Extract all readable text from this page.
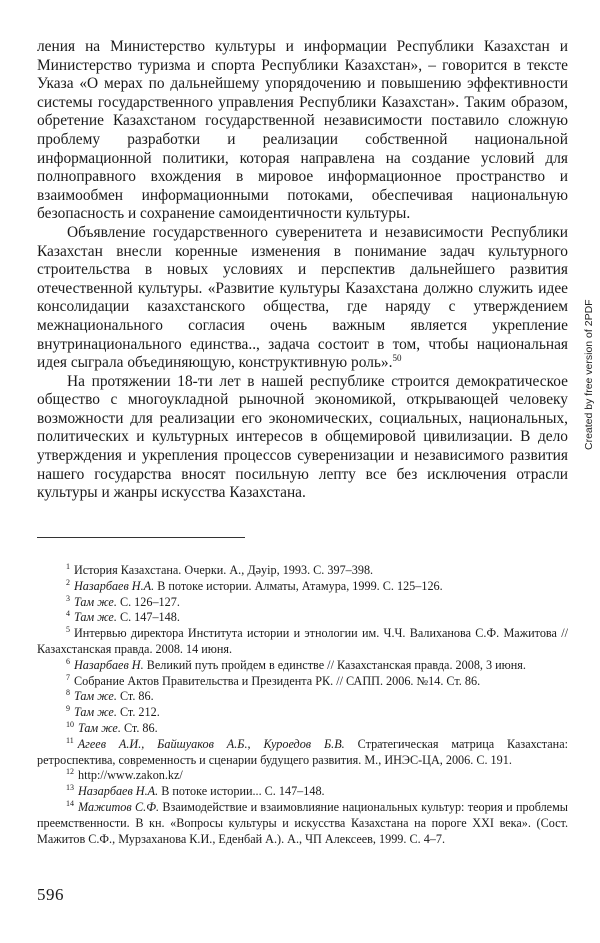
ления на Министерство культуры и информации Республики Казахстан и Министерство туризма и спорта Республики Казахстан», – говорится в тексте Указа «О мерах по дальнейшему упорядочению и повышению эффективности системы государственного управления Республики Казахстан». Таким образом, обретение Казахстаном государственной независимости поставило сложную проблему разработки и реализации собственной национальной информационной политики, которая направлена на создание условий для полноправного вхождения в мировое информационное пространство и взаимообмен информационными потоками, обеспечивая национальную безопасность и сохранение самоидентичности культуры.

Объявление государственного суверенитета и независимости Республики Казахстан внесли коренные изменения в понимание задач культурного строительства в новых условиях и перспектив дальнейшего развития отечественной культуры. «Развитие культуры Казахстана должно служить идее консолидации казахстанского общества, где наряду с утверждением межнационального согласия очень важным является укрепление внутринационального единства.., задача состоит в том, чтобы национальная идея сыграла объединяющую, конструктивную роль».$^{50}$

На протяжении 18-ти лет в нашей республике строится демократическое общество с многоукладной рыночной экономикой, открывающей человеку возможности для реализации его экономических, социальных, национальных, политических и культурных интересов в общемировой цивилизации. В дело утверждения и укрепления процессов суверенизации и независимого развития нашего государства вносят посильную лепту все без исключения отрасли культуры и жанры искусства Казахстана.

$^1$ История Казахстана. Очерки. А., Дәуір, 1993. С. 397–398.

$^2$ Назарбаев Н.А. В потоке истории. Алматы, Атамура, 1999. С. 125–126.

$^3$ Там же. С. 126–127.

$^4$ Там же. С. 147–148.

$^5$ Интервью директора Института истории и этнологии им. Ч.Ч. Валиханова С.Ф. Мажитова // Казахстанская правда. 2008. 14 июня.

$^6$ Назарбаев Н. Великий путь пройдем в единстве // Казахстанская правда. 2008, 3 июня.

$^7$ Собрание Актов Правительства и Президента РК. // САПП. 2006. №14. Ст. 86.

$^8$ Там же. Ст. 86.

$^9$ Там же. Ст. 212.

$^{10}$ Там же. Ст. 86.

$^{11}$ Агеев А.И., Байшуаков А.Б., Куроедов Б.В. Стратегическая матрица Казахстана: ретроспектива, современность и сценарии будущего развития. М., ИНЭС-ЦА, 2006. С. 191.

$^{12}$ http://www.zakon.kz/

$^{13}$ Назарбаев Н.А. В потоке истории... С. 147–148.

$^{14}$ Мажитов С.Ф. Взаимодействие и взаимовлияние национальных культур: теория и проблемы преемственности. В кн. «Вопросы культуры и искусства Казахстана на пороге XXI века». (Сост. Мажитов С.Ф., Мурзаханова К.И., Еденбай А.). А., ЧП Алексеев, 1999. С. 4–7.

596
Created by free version of 2PDF
